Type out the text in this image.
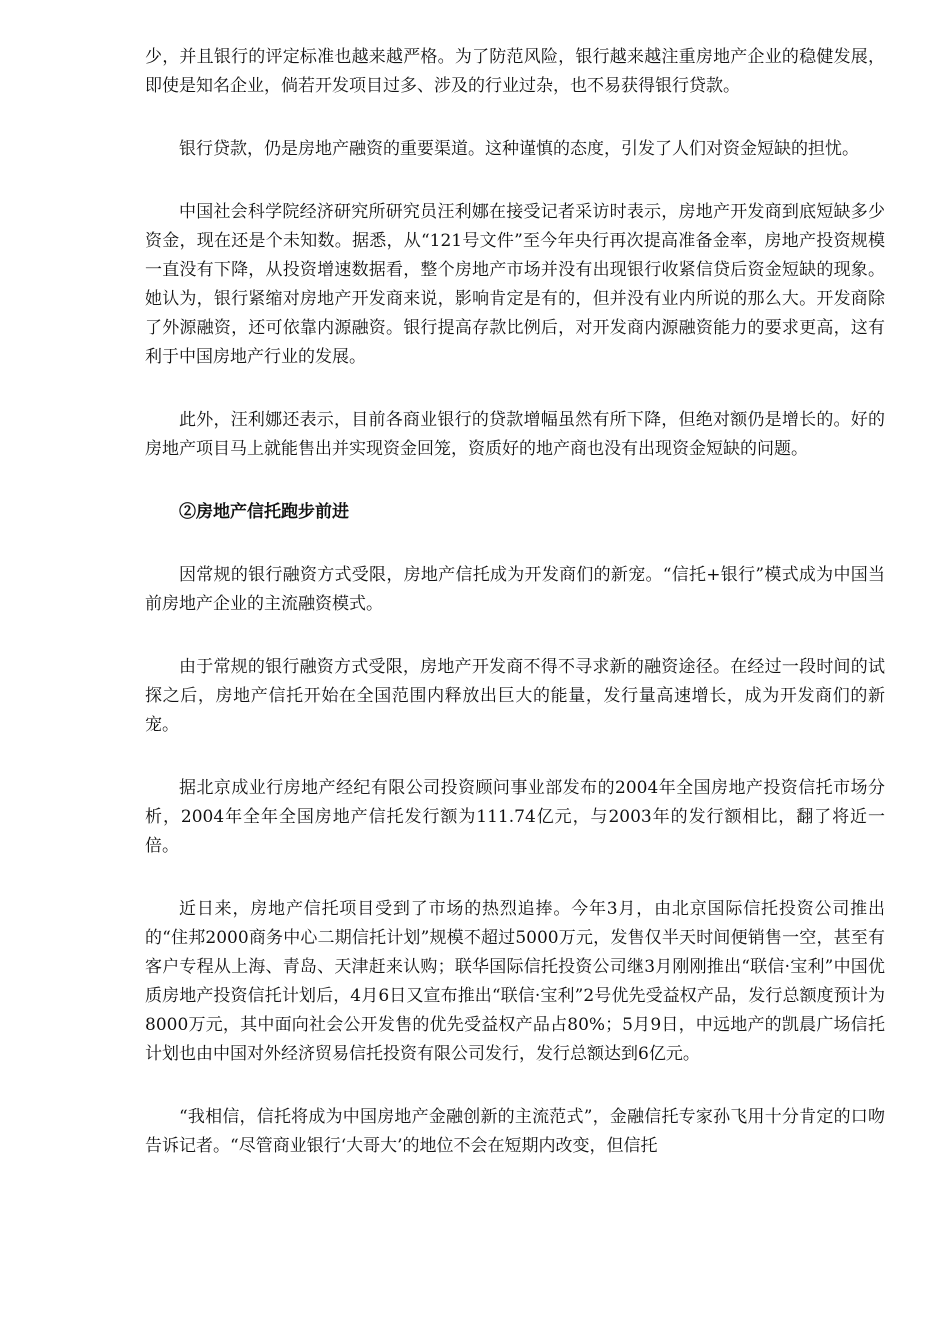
少，并且银行的评定标准也越来越严格。为了防范风险，银行越来越注重房地产企业的稳健发展，即使是知名企业，倘若开发项目过多、涉及的行业过杂，也不易获得银行贷款。

银行贷款，仍是房地产融资的重要渠道。这种谨慎的态度，引发了人们对资金短缺的担忧。

中国社会科学院经济研究所研究员汪利娜在接受记者采访时表示，房地产开发商到底短缺多少资金，现在还是个未知数。据悉，从“121号文件”至今年央行再次提高准备金率，房地产投资规模一直没有下降，从投资增速数据看，整个房地产市场并没有出现银行收紧信贷后资金短缺的现象。她认为，银行紧缩对房地产开发商来说，影响肯定是有的，但并没有业内所说的那么大。开发商除了外源融资，还可依靠内源融资。银行提高存款比例后，对开发商内源融资能力的要求更高，这有利于中国房地产行业的发展。

此外，汪利娜还表示，目前各商业银行的贷款增幅虽然有所下降，但绝对额仍是增长的。好的房地产项目马上就能售出并实现资金回笼，资质好的地产商也没有出现资金短缺的问题。

②房地产信托跑步前进

因常规的银行融资方式受限，房地产信托成为开发商们的新宠。“信托+银行”模式成为中国当前房地产企业的主流融资模式。

由于常规的银行融资方式受限，房地产开发商不得不寻求新的融资途径。在经过一段时间的试探之后，房地产信托开始在全国范围内释放出巨大的能量，发行量高速增长，成为开发商们的新宠。

据北京成业行房地产经纪有限公司投资顾问事业部发布的2004年全国房地产投资信托市场分析，2004年全年全国房地产信托发行额为111.74亿元，与2003年的发行额相比，翻了将近一倍。

近日来，房地产信托项目受到了市场的热烈追捧。今年3月，由北京国际信托投资公司推出的“住邦2000商务中心二期信托计划”规模不超过5000万元，发售仅半天时间便销售一空，甚至有客户专程从上海、青岛、天津赶来认购；联华国际信托投资公司继3月刚刚推出“联信·宝利”中国优质房地产投资信托计划后，4月6日又宣布推出“联信·宝利”2号优先受益权产品，发行总额度预计为8000万元，其中面向社会公开发售的优先受益权产品占80%；5月9日，中远地产的凯晨广场信托计划也由中国对外经济贸易信托投资有限公司发行，发行总额达到6亿元。

“我相信，信托将成为中国房地产金融创新的主流范式”，金融信托专家孙飞用十分肯定的口吻告诉记者。“尽管商业银行‘大哥大’的地位不会在短期内改变，但信托
